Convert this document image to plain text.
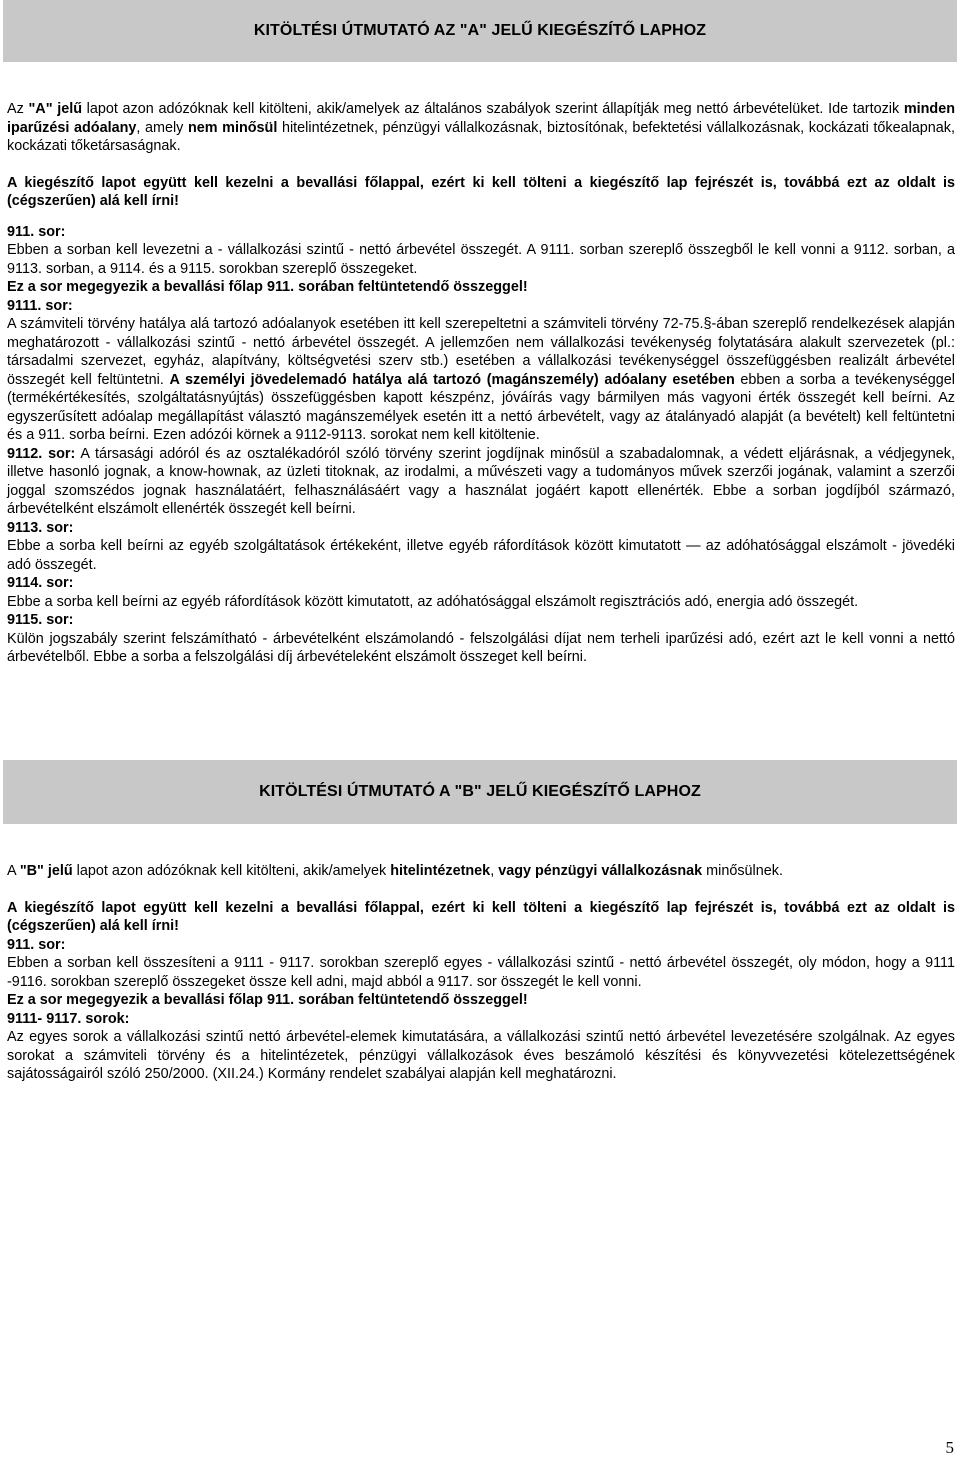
KITÖLTÉSI ÚTMUTATÓ AZ "A" JELŰ KIEGÉSZÍTŐ LAPHOZ

Az "A" jelű lapot azon adózóknak kell kitölteni, akik/amelyek az általános szabályok szerint állapítják meg nettó árbevételüket. Ide tartozik minden iparűzési adóalany, amely nem minősül hitelintézetnek, pénzügyi vállalkozásnak, biztosítónak, befektetési vállalkozásnak, kockázati tőkealapnak, kockázati tőketársaságnak.

A kiegészítő lapot együtt kell kezelni a bevallási főlappal, ezért ki kell tölteni a kiegészítő lap fejrészét is, továbbá ezt az oldalt is (cégszerűen) alá kell írni!

911. sor:

Ebben a sorban kell levezetni a - vállalkozási szintű - nettó árbevétel összegét. A 9111. sorban szereplő összegből le kell vonni a 9112. sorban, a 9113. sorban, a 9114. és a 9115. sorokban szereplő összegeket.

Ez a sor megegyezik a bevallási főlap 911. sorában feltüntetendő összeggel!

9111. sor:

A számviteli törvény hatálya alá tartozó adóalanyok esetében itt kell szerepeltetni a számviteli törvény 72-75.§-ában szereplő rendelkezések alapján meghatározott - vállalkozási szintű - nettó árbevétel összegét. A jellemzően nem vállalkozási tevékenység folytatására alakult szervezetek (pl.: társadalmi szervezet, egyház, alapítvány, költségvetési szerv stb.) esetében a vállalkozási tevékenységgel összefüggésben realizált árbevétel összegét kell feltüntetni. A személyi jövedelemadó hatálya alá tartozó (magánszemély) adóalany esetében ebben a sorba a tevékenységgel (termékértékesítés, szolgáltatásnyújtás) összefüggésben kapott készpénz, jóváírás vagy bármilyen más vagyoni érték összegét kell beírni. Az egyszerűsített adóalap megállapítást választó magánszemélyek esetén itt a nettó árbevételt, vagy az átalányadó alapját (a bevételt) kell feltüntetni és a 911. sorba beírni. Ezen adózói körnek a 9112-9113. sorokat nem kell kitöltenie.

9112. sor: A társasági adóról és az osztalékadóról szóló törvény szerint jogdíjnak minősül a szabadalomnak, a védett eljárásnak, a védjegynek, illetve hasonló jognak, a know-hownak, az üzleti titoknak, az irodalmi, a művészeti vagy a tudományos művek szerzői jogának, valamint a szerzői joggal szomszédos jognak használatáért, felhasználásáért vagy a használat jogáért kapott ellenérték. Ebbe a sorban jogdíjból származó, árbevételként elszámolt ellenérték összegét kell beírni.

9113. sor:

Ebbe a sorba kell beírni az egyéb szolgáltatások értékeként, illetve egyéb ráfordítások között kimutatott — az adóhatósággal elszámolt - jövedéki adó összegét.

9114. sor:

Ebbe a sorba kell beírni az egyéb ráfordítások között kimutatott, az adóhatósággal elszámolt regisztrációs adó, energia adó összegét.

9115. sor:

Külön jogszabály szerint felszámítható - árbevételként elszámolandó - felszolgálási díjat nem terheli iparűzési adó, ezért azt le kell vonni a nettó árbevételből. Ebbe a sorba a felszolgálási díj árbevételeként elszámolt összeget kell beírni.

KITÖLTÉSI ÚTMUTATÓ A "B" JELŰ KIEGÉSZÍTŐ LAPHOZ

A "B" jelű lapot azon adózóknak kell kitölteni, akik/amelyek hitelintézetnek, vagy pénzügyi vállalkozásnak minősülnek.

A kiegészítő lapot együtt kell kezelni a bevallási főlappal, ezért ki kell tölteni a kiegészítő lap fejrészét is, továbbá ezt az oldalt is (cégszerűen) alá kell írni!

911. sor:

Ebben a sorban kell összesíteni a 9111 - 9117. sorokban szereplő egyes - vállalkozási szintű - nettó árbevétel összegét, oly módon, hogy a 9111 -9116. sorokban szereplő összegeket össze kell adni, majd abból a 9117. sor összegét le kell vonni.

Ez a sor megegyezik a bevallási főlap 911. sorában feltüntetendő összeggel!

9111- 9117. sorok:

Az egyes sorok a vállalkozási szintű nettó árbevétel-elemek kimutatására, a vállalkozási szintű nettó árbevétel levezetésére szolgálnak. Az egyes sorokat a számviteli törvény és a hitelintézetek, pénzügyi vállalkozások éves beszámoló készítési és könyvvezetési kötelezettségének sajátosságairól szóló 250/2000. (XII.24.) Kormány rendelet szabályai alapján kell meghatározni.

5
